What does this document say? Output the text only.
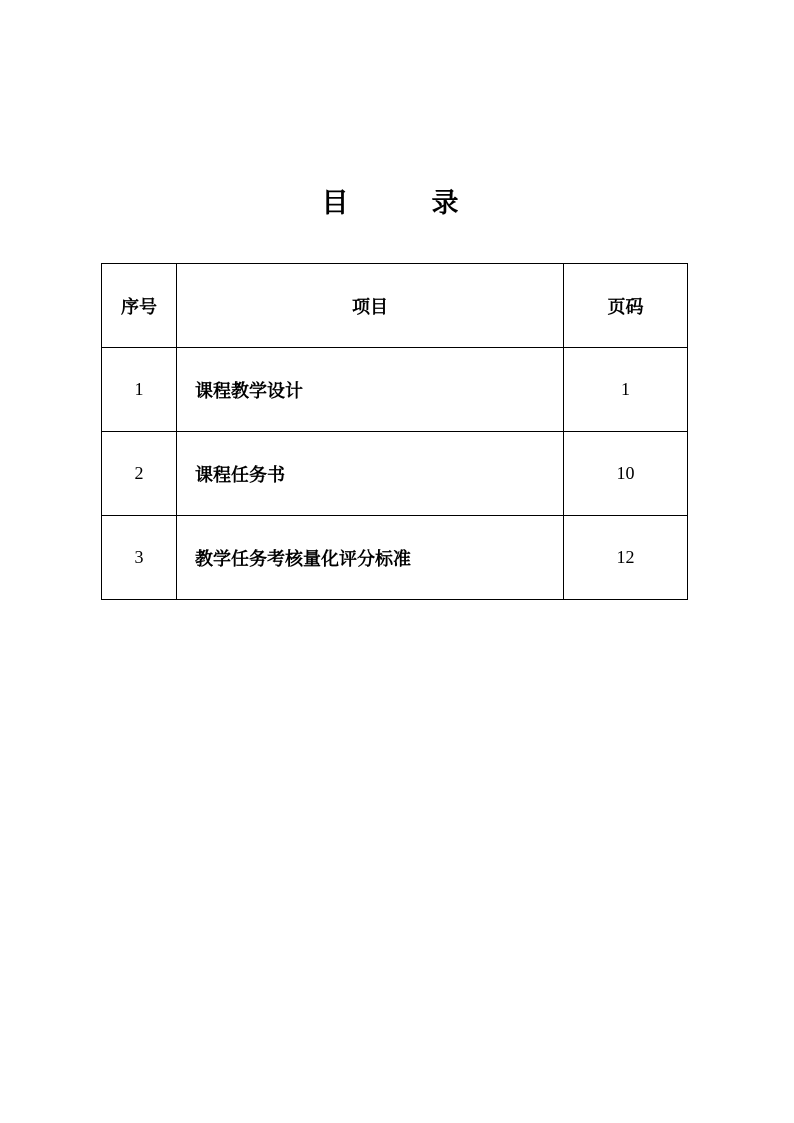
目　录
序号	项目	页码
1	课程教学设计	1
2	课程任务书	10
3	教学任务考核量化评分标准	12
